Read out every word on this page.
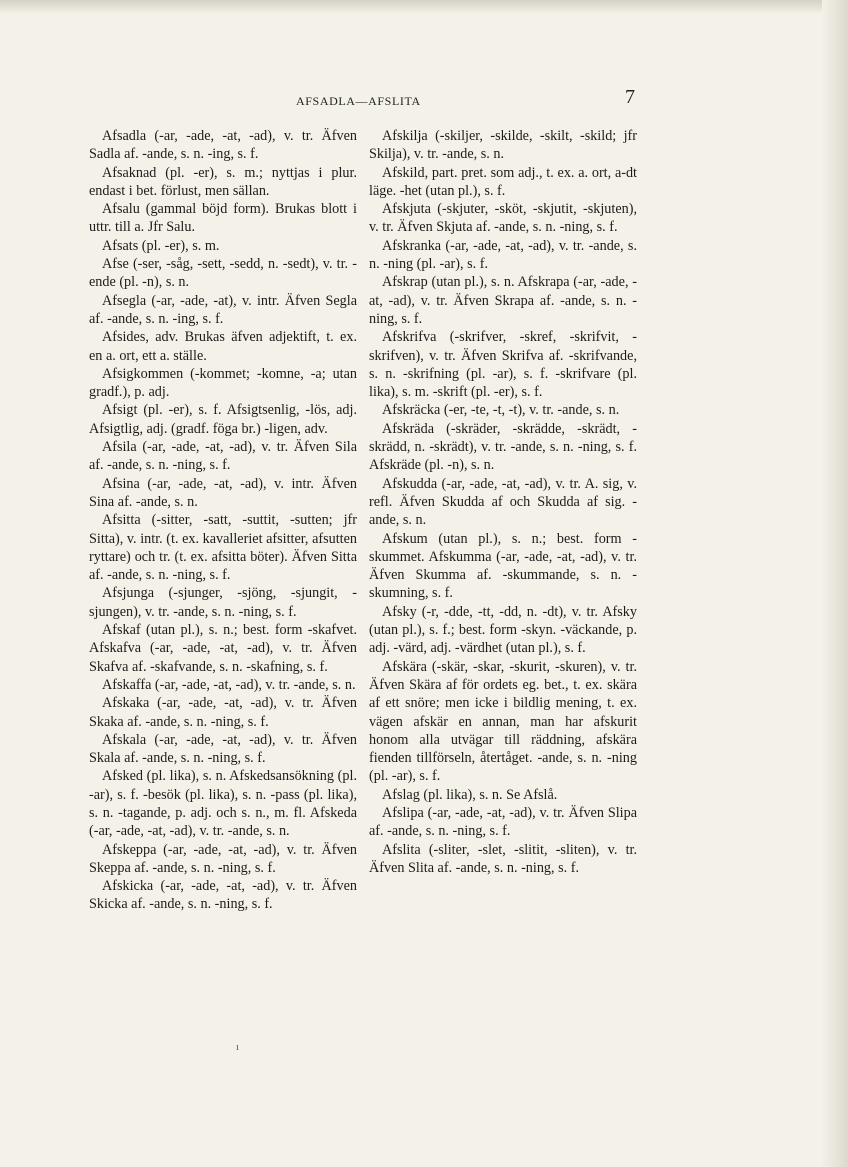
AFSADLA—AFSLITA	7

Afsadla (-ar, -ade, -at, -ad), v. tr. Äfven Sadla af. -ande, s. n. -ing, s. f.

Afsaknad (pl. -er), s. m.; nyttjas i plur. endast i bet. förlust, men sällan.

Afsalu (gammal böjd form). Brukas blott i uttr. till a. Jfr Salu.

Afsats (pl. -er), s. m.

Afse (-ser, -såg, -sett, -sedd, n. -sedt), v. tr. -ende (pl. -n), s. n.

Afsegla (-ar, -ade, -at), v. intr. Äfven Segla af. -ande, s. n. -ing, s. f.

Afsides, adv. Brukas äfven adjektift, t. ex. en a. ort, ett a. ställe.

Afsigkommen (-kommet; -komne, -a; utan gradf.), p. adj.

Afsigt (pl. -er), s. f. Afsigtsenlig, -lös, adj. Afsigtlig, adj. (gradf. föga br.) -ligen, adv.

Afsila (-ar, -ade, -at, -ad), v. tr. Äfven Sila af. -ande, s. n. -ning, s. f.

Afsina (-ar, -ade, -at, -ad), v. intr. Äfven Sina af. -ande, s. n.

Afsitta (-sitter, -satt, -suttit, -sutten; jfr Sitta), v. intr. (t. ex. kavalleriet afsitter, afsutten ryttare) och tr. (t. ex. afsitta böter). Äfven Sitta af. -ande, s. n. -ning, s. f.

Afsjunga (-sjunger, -sjöng, -sjungit, -sjungen), v. tr. -ande, s. n. -ning, s. f.

Afskaf (utan pl.), s. n.; best. form -skafvet. Afskafva (-ar, -ade, -at, -ad), v. tr. Äfven Skafva af. -skafvande, s. n. -skafning, s. f.

Afskaffa (-ar, -ade, -at, -ad), v. tr. -ande, s. n.

Afskaka (-ar, -ade, -at, -ad), v. tr. Äfven Skaka af. -ande, s. n. -ning, s. f.

Afskala (-ar, -ade, -at, -ad), v. tr. Äfven Skala af. -ande, s. n. -ning, s. f.

Afsked (pl. lika), s. n. Afskedsansökning (pl. -ar), s. f. -besök (pl. lika), s. n. -pass (pl. lika), s. n. -tagande, p. adj. och s. n., m. fl. Afskeda (-ar, -ade, -at, -ad), v. tr. -ande, s. n.

Afskeppa (-ar, -ade, -at, -ad), v. tr. Äfven Skeppa af. -ande, s. n. -ning, s. f.

Afskicka (-ar, -ade, -at, -ad), v. tr. Äfven Skicka af. -ande, s. n. -ning, s. f.

Afskilja (-skiljer, -skilde, -skilt, -skild; jfr Skilja), v. tr. -ande, s. n.

Afskild, part. pret. som adj., t. ex. a. ort, a-dt läge. -het (utan pl.), s. f.

Afskjuta (-skjuter, -sköt, -skjutit, -skjuten), v. tr. Äfven Skjuta af. -ande, s. n. -ning, s. f.

Afskranka (-ar, -ade, -at, -ad), v. tr. -ande, s. n. -ning (pl. -ar), s. f.

Afskrap (utan pl.), s. n. Afskrapa (-ar, -ade, -at, -ad), v. tr. Äfven Skrapa af. -ande, s. n. -ning, s. f.

Afskrifva (-skrifver, -skref, -skrifvit, -skrifven), v. tr. Äfven Skrifva af. -skrifvande, s. n. -skrifning (pl. -ar), s. f. -skrifvare (pl. lika), s. m. -skrift (pl. -er), s. f.

Afskräcka (-er, -te, -t, -t), v. tr. -ande, s. n.

Afskräda (-skräder, -skrädde, -skrädt, -skrädd, n. -skrädt), v. tr. -ande, s. n. -ning, s. f. Afskräde (pl. -n), s. n.

Afskudda (-ar, -ade, -at, -ad), v. tr. A. sig, v. refl. Äfven Skudda af och Skudda af sig. -ande, s. n.

Afskum (utan pl.), s. n.; best. form -skummet. Afskumma (-ar, -ade, -at, -ad), v. tr. Äfven Skumma af. -skummande, s. n. -skumning, s. f.

Afsky (-r, -dde, -tt, -dd, n. -dt), v. tr. Afsky (utan pl.), s. f.; best. form -skyn. -väckande, p. adj. -värd, adj. -värdhet (utan pl.), s. f.

Afskära (-skär, -skar, -skurit, -skuren), v. tr. Äfven Skära af för ordets eg. bet., t. ex. skära af ett snöre; men icke i bildlig mening, t. ex. vägen afskär en annan, man har afskurit honom alla utvägar till räddning, afskära fienden tillförseln, återtåget. -ande, s. n. -ning (pl. -ar), s. f.

Afslag (pl. lika), s. n. Se Afslå.

Afslipa (-ar, -ade, -at, -ad), v. tr. Äfven Slipa af. -ande, s. n. -ning, s. f.

Afslita (-sliter, -slet, -slitit, -sliten), v. tr. Äfven Slita af. -ande, s. n. -ning, s. f.

ı
